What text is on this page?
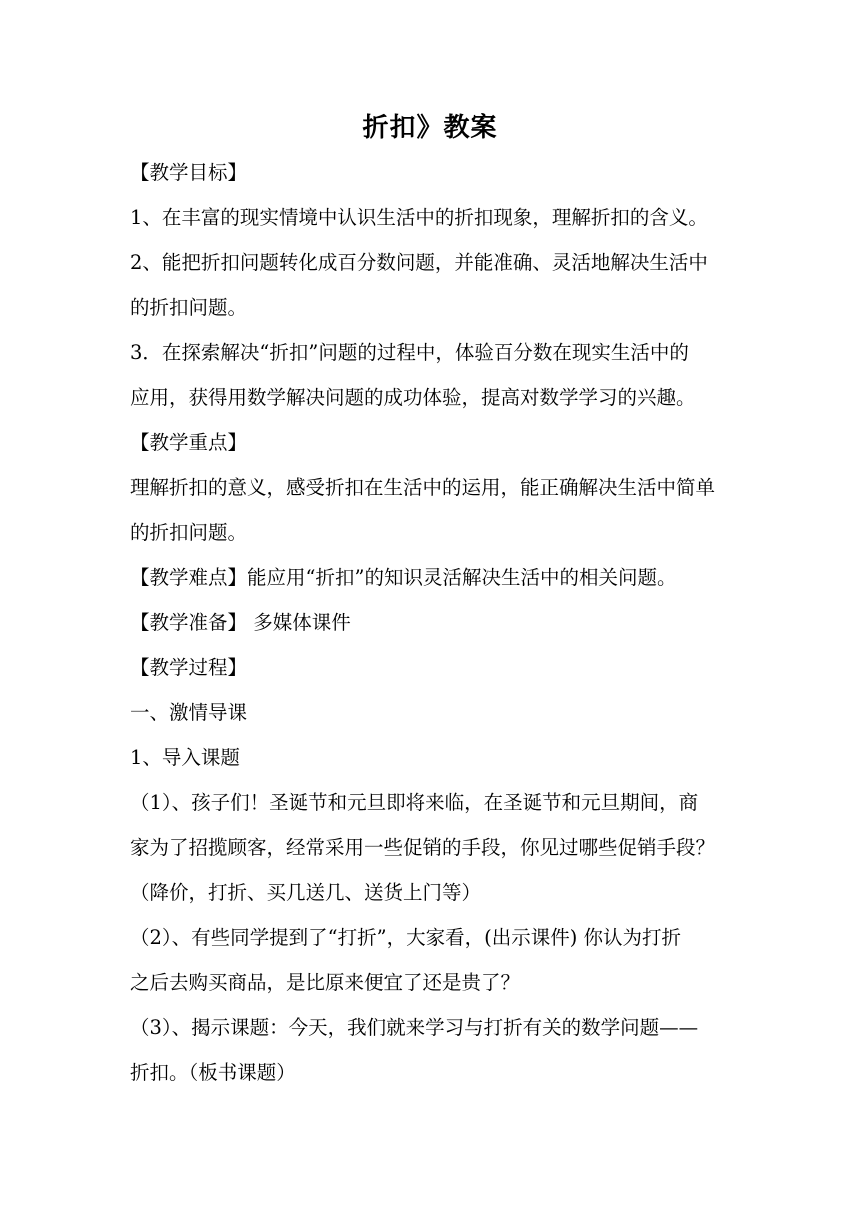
折扣》教案
【教学目标】
1、在丰富的现实情境中认识生活中的折扣现象，理解折扣的含义。
2、能把折扣问题转化成百分数问题，并能准确、灵活地解决生活中
的折扣问题。
3．在探索解决“折扣”问题的过程中，体验百分数在现实生活中的
应用，获得用数学解决问题的成功体验，提高对数学学习的兴趣。
【教学重点】
理解折扣的意义，感受折扣在生活中的运用，能正确解决生活中简单
的折扣问题。
【教学难点】能应用“折扣”的知识灵活解决生活中的相关问题。
【教学准备】 多媒体课件
【教学过程】
一、激情导课
1、导入课题
（1）、孩子们！圣诞节和元旦即将来临，在圣诞节和元旦期间，商
家为了招揽顾客，经常采用一些促销的手段，你见过哪些促销手段？
（降价，打折、买几送几、送货上门等）
（2）、有些同学提到了“打折”，大家看，(出示课件) 你认为打折
之后去购买商品，是比原来便宜了还是贵了？
（3）、揭示课题：今天，我们就来学习与打折有关的数学问题——
折扣。（板书课题）
